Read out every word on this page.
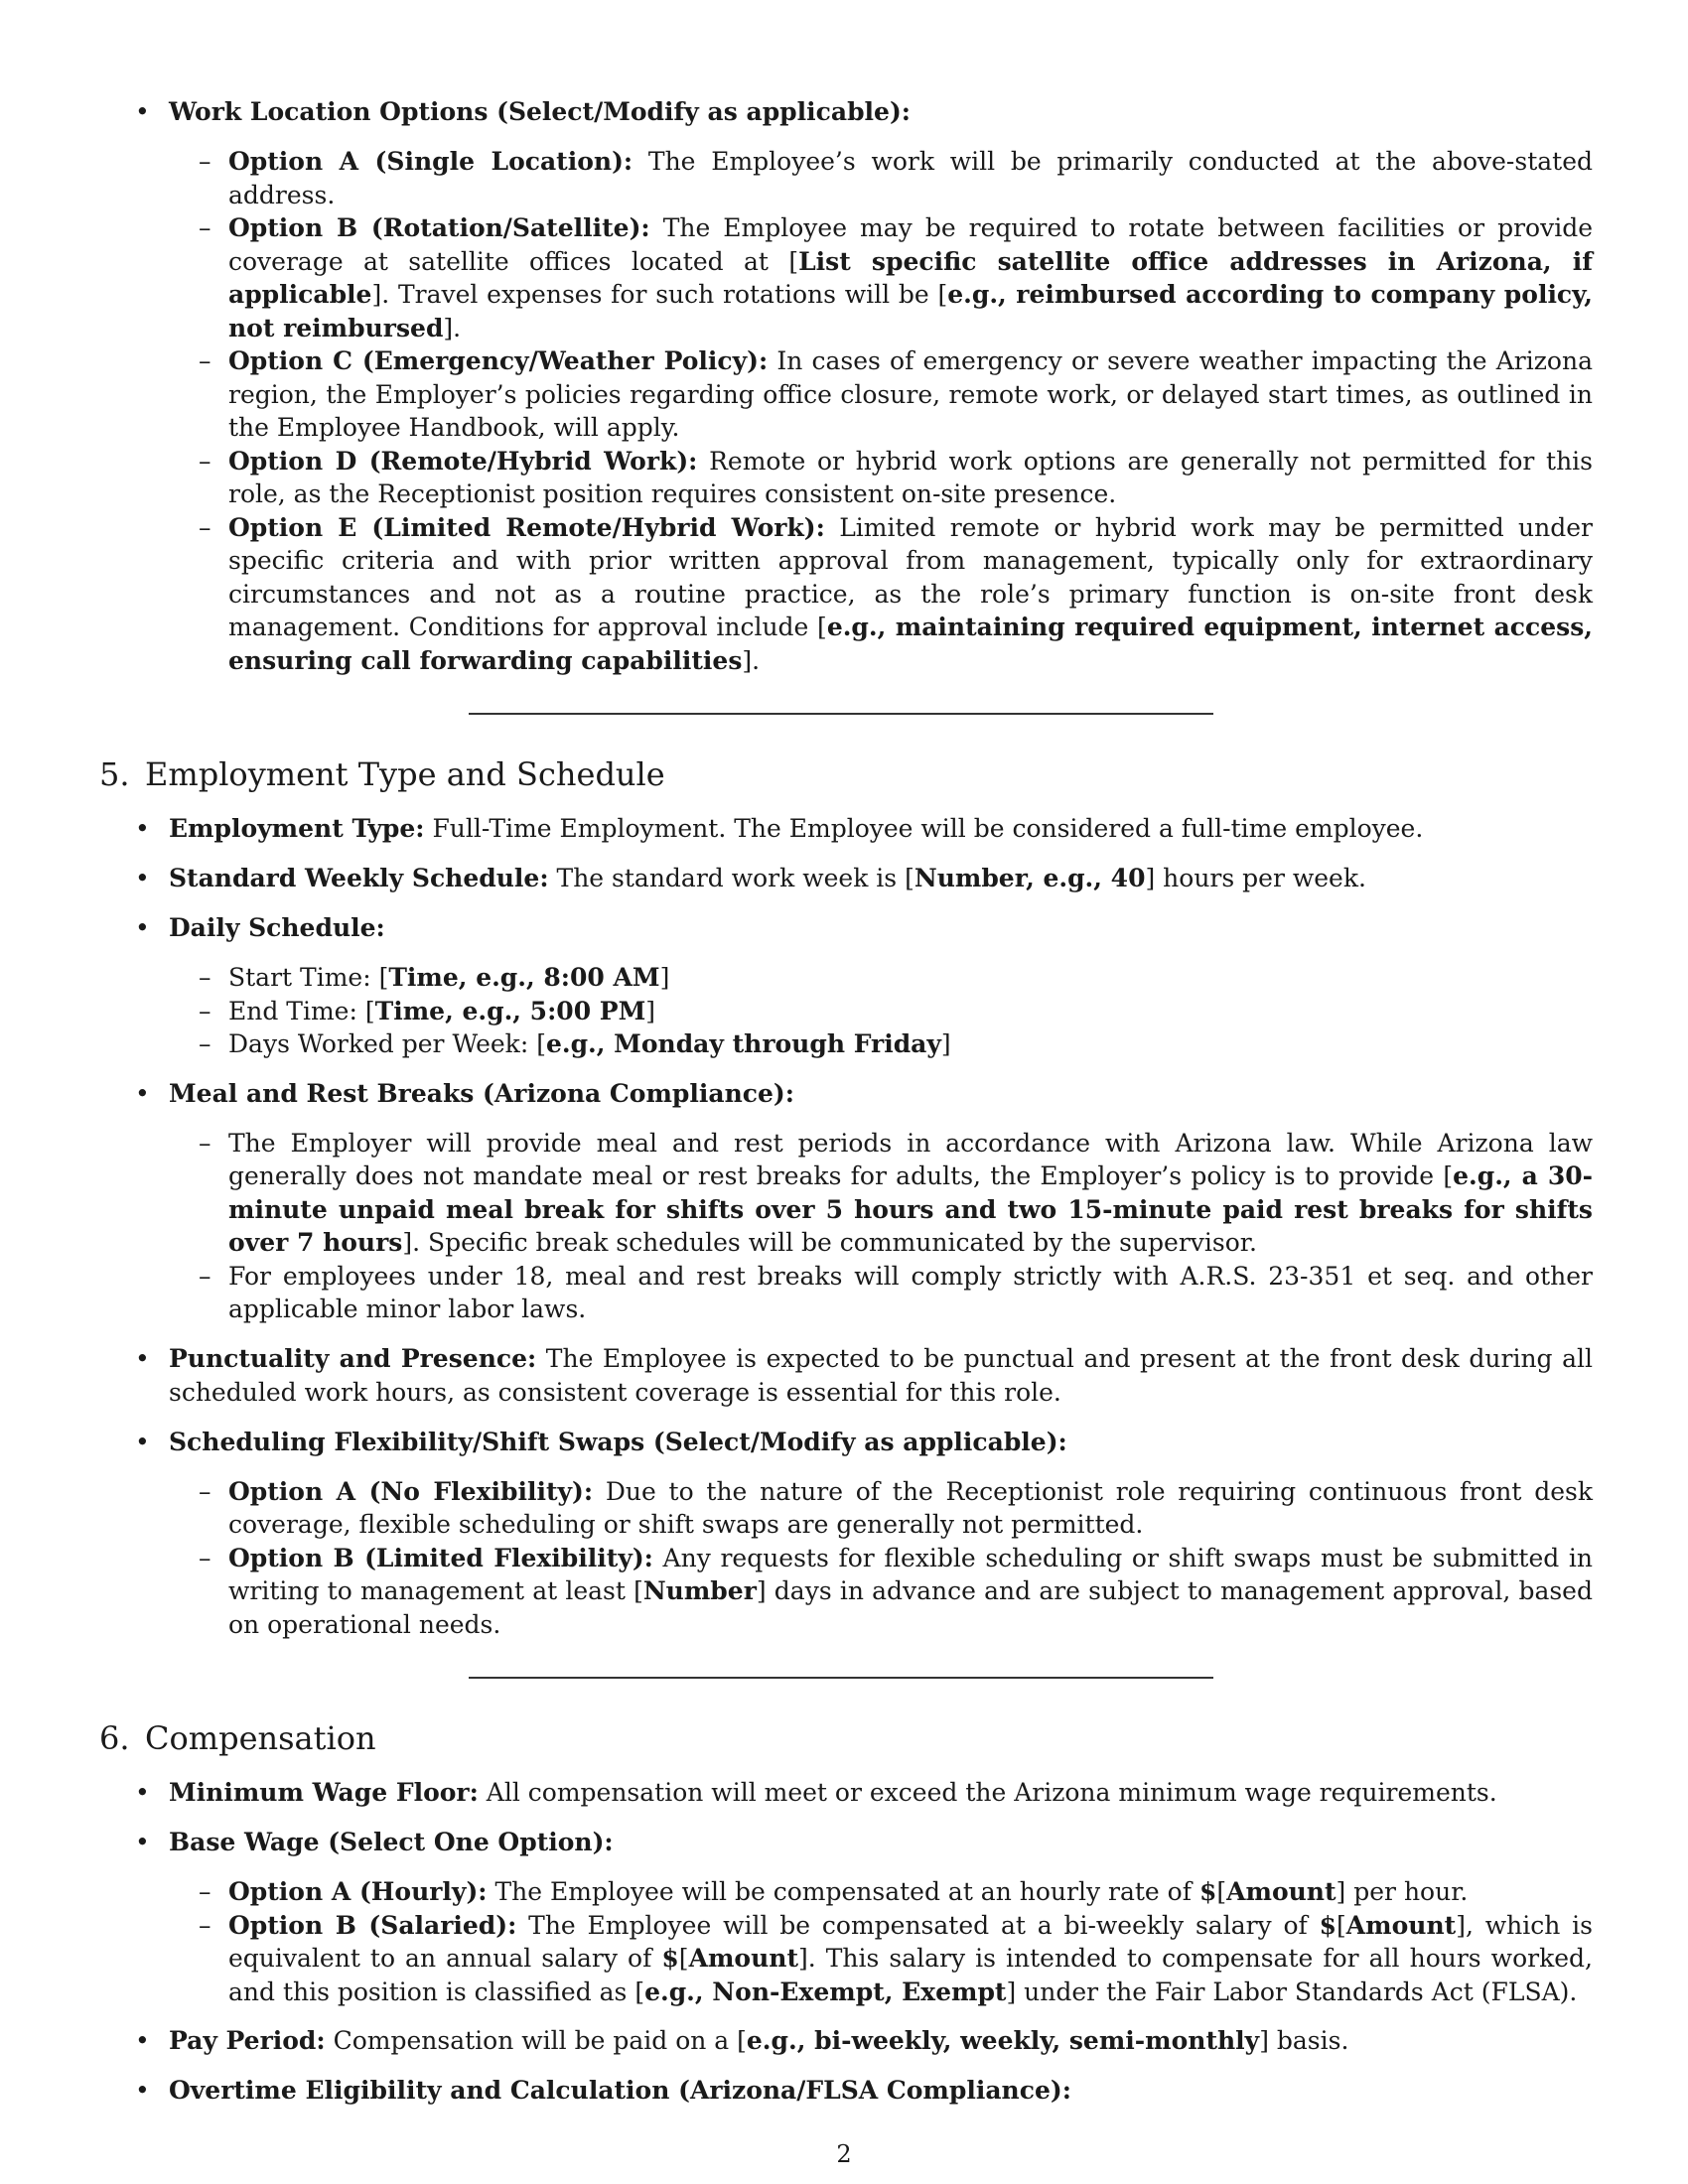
• Work Location Options (Select/Modify as applicable):
– Option A (Single Location): The Employee’s work will be primarily conducted at the above-stated address.
– Option B (Rotation/Satellite): The Employee may be required to rotate between facilities or provide coverage at satellite offices located at [List specific satellite office addresses in Arizona, if applicable]. Travel expenses for such rotations will be [e.g., reimbursed according to company policy, not reimbursed].
– Option C (Emergency/Weather Policy): In cases of emergency or severe weather impacting the Arizona region, the Employer’s policies regarding office closure, remote work, or delayed start times, as outlined in the Employee Handbook, will apply.
– Option D (Remote/Hybrid Work): Remote or hybrid work options are generally not permitted for this role, as the Receptionist position requires consistent on-site presence.
– Option E (Limited Remote/Hybrid Work): Limited remote or hybrid work may be permitted under specific criteria and with prior written approval from management, typically only for extraordinary circumstances and not as a routine practice, as the role’s primary function is on-site front desk management. Conditions for approval include [e.g., maintaining required equipment, internet access, ensuring call forwarding capabilities].
5. Employment Type and Schedule
• Employment Type: Full-Time Employment. The Employee will be considered a full-time employee.
• Standard Weekly Schedule: The standard work week is [Number, e.g., 40] hours per week.
• Daily Schedule:
– Start Time: [Time, e.g., 8:00 AM]
– End Time: [Time, e.g., 5:00 PM]
– Days Worked per Week: [e.g., Monday through Friday]
• Meal and Rest Breaks (Arizona Compliance):
– The Employer will provide meal and rest periods in accordance with Arizona law. While Arizona law generally does not mandate meal or rest breaks for adults, the Employer’s policy is to provide [e.g., a 30-minute unpaid meal break for shifts over 5 hours and two 15-minute paid rest breaks for shifts over 7 hours]. Specific break schedules will be communicated by the supervisor.
– For employees under 18, meal and rest breaks will comply strictly with A.R.S. 23-351 et seq. and other applicable minor labor laws.
• Punctuality and Presence: The Employee is expected to be punctual and present at the front desk during all scheduled work hours, as consistent coverage is essential for this role.
• Scheduling Flexibility/Shift Swaps (Select/Modify as applicable):
– Option A (No Flexibility): Due to the nature of the Receptionist role requiring continuous front desk coverage, flexible scheduling or shift swaps are generally not permitted.
– Option B (Limited Flexibility): Any requests for flexible scheduling or shift swaps must be submitted in writing to management at least [Number] days in advance and are subject to management approval, based on operational needs.
6. Compensation
• Minimum Wage Floor: All compensation will meet or exceed the Arizona minimum wage requirements.
• Base Wage (Select One Option):
– Option A (Hourly): The Employee will be compensated at an hourly rate of $[Amount] per hour.
– Option B (Salaried): The Employee will be compensated at a bi-weekly salary of $[Amount], which is equivalent to an annual salary of $[Amount]. This salary is intended to compensate for all hours worked, and this position is classified as [e.g., Non-Exempt, Exempt] under the Fair Labor Standards Act (FLSA).
• Pay Period: Compensation will be paid on a [e.g., bi-weekly, weekly, semi-monthly] basis.
• Overtime Eligibility and Calculation (Arizona/FLSA Compliance):
2
